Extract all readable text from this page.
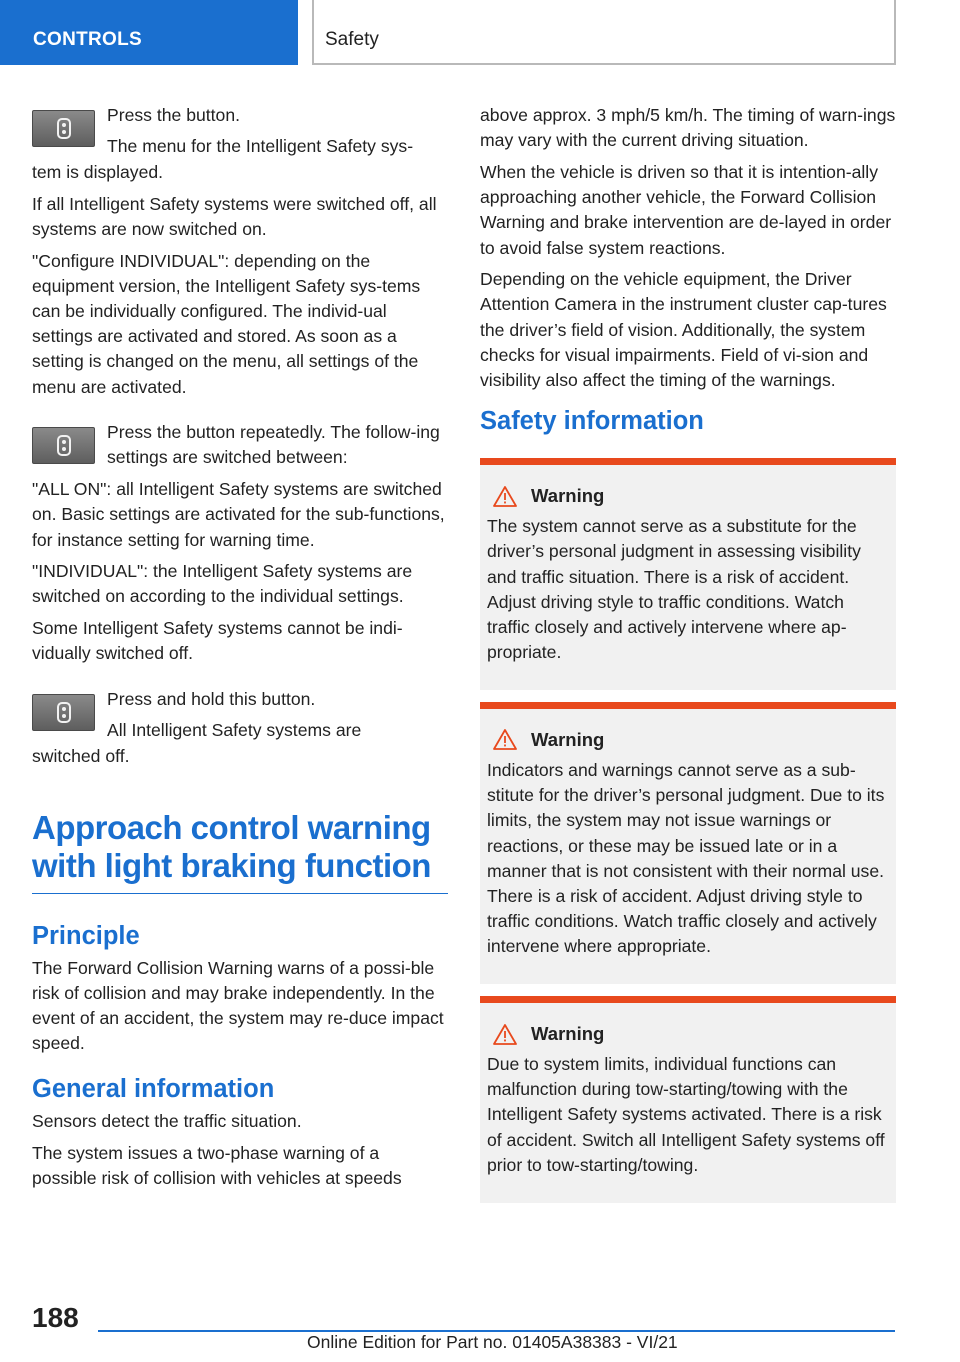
CONTROLS	Safety

Press the button.

The menu for the Intelligent Safety sys-

tem is displayed.

If all Intelligent Safety systems were switched off, all systems are now switched on.

"Configure INDIVIDUAL": depending on the equipment version, the Intelligent Safety sys-tems can be individually configured. The individ-ual settings are activated and stored. As soon as a setting is changed on the menu, all settings of the menu are activated.

Press the button repeatedly. The follow-ing settings are switched between:

"ALL ON": all Intelligent Safety systems are switched on. Basic settings are activated for the sub-functions, for instance setting for warning time.

"INDIVIDUAL": the Intelligent Safety systems are switched on according to the individual settings.

Some Intelligent Safety systems cannot be indi-vidually switched off.

Press and hold this button.

All Intelligent Safety systems are

switched off.

Approach control warning with light braking function
Principle

The Forward Collision Warning warns of a possi-ble risk of collision and may brake independently. In the event of an accident, the system may re-duce impact speed.

General information

Sensors detect the traffic situation.

The system issues a two-phase warning of a possible risk of collision with vehicles at speeds

above approx. 3 mph/5 km/h. The timing of warn-ings may vary with the current driving situation.

When the vehicle is driven so that it is intention-ally approaching another vehicle, the Forward Collision Warning and brake intervention are de-layed in order to avoid false system reactions.

Depending on the vehicle equipment, the Driver Attention Camera in the instrument cluster cap-tures the driver’s field of vision. Additionally, the system checks for visual impairments. Field of vi-sion and visibility also affect the timing of the warnings.

Safety information
Warning

The system cannot serve as a substitute for the driver’s personal judgment in assessing visibility and traffic situation. There is a risk of accident. Adjust driving style to traffic conditions. Watch traffic closely and actively intervene where ap-propriate.

Warning

Indicators and warnings cannot serve as a sub-stitute for the driver’s personal judgment. Due to its limits, the system may not issue warnings or reactions, or these may be issued late or in a manner that is not consistent with their normal use. There is a risk of accident. Adjust driving style to traffic conditions. Watch traffic closely and actively intervene where appropriate.

Warning

Due to system limits, individual functions can malfunction during tow-starting/towing with the Intelligent Safety systems activated. There is a risk of accident. Switch all Intelligent Safety systems off prior to tow-starting/towing.

188
Online Edition for Part no. 01405A38383 - VI/21
